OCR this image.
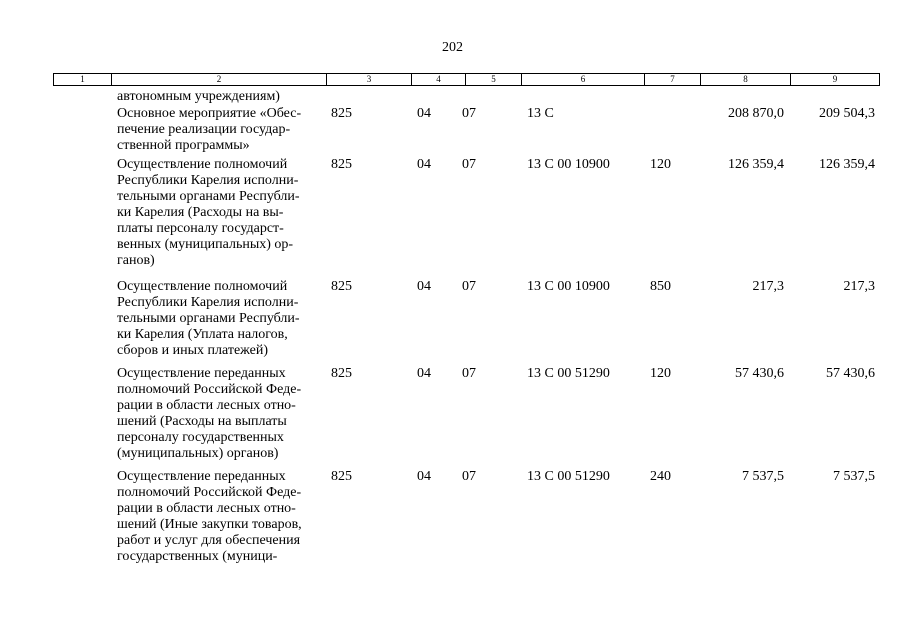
202
1	2	3	4	5	6	7	8	9
автономным учреждениям)
Основное мероприятие «Обес-
печение реализации государ-
ственной программы»
825	04 07	13 С	208 870,0	209 504,3
Осуществление полномочий
Республики Карелия исполни-
тельными органами Республи-
ки Карелия (Расходы на вы-
платы персоналу государст-
венных (муниципальных) ор-
ганов)
825	04 07	13 С 00 10900	120	126 359,4	126 359,4
Осуществление полномочий
Республики Карелия исполни-
тельными органами Республи-
ки Карелия (Уплата налогов,
сборов и иных платежей)
825	04 07	13 С 00 10900	850	217,3	217,3
Осуществление переданных
полномочий Российской Феде-
рации в области лесных отно-
шений (Расходы на выплаты
персоналу государственных
(муниципальных) органов)
825	04 07	13 С 00 51290	120	57 430,6	57 430,6
Осуществление переданных
полномочий Российской Феде-
рации в области лесных отно-
шений (Иные закупки товаров,
работ и услуг для обеспечения
государственных (муници-
825	04 07	13 С 00 51290	240	7 537,5	7 537,5
